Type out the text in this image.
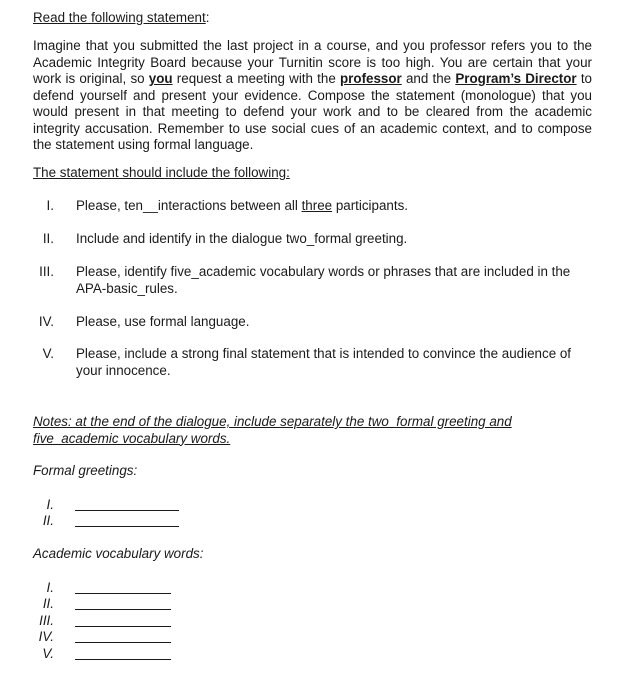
Read the following statement:
Imagine that you submitted the last project in a course, and you professor refers you to the Academic Integrity Board because your Turnitin score is too high. You are certain that your work is original, so you request a meeting with the professor and the Program’s Director to defend yourself and present your evidence. Compose the statement (monologue) that you would present in that meeting to defend your work and to be cleared from the academic integrity accusation. Remember to use social cues of an academic context, and to compose the statement using formal language.
The statement should include the following:
I. Please, ten__interactions between all three participants.
II. Include and identify in the dialogue two_formal greeting.
III. Please, identify five_academic vocabulary words or phrases that are included in the APA-basic_rules.
IV. Please, use formal language.
V. Please, include a strong final statement that is intended to convince the audience of your innocence.
Notes: at the end of the dialogue, include separately the two_formal greeting and five_academic vocabulary words.
Formal greetings:
I.
II.
Academic vocabulary words:
I.
II.
III.
IV.
V.
